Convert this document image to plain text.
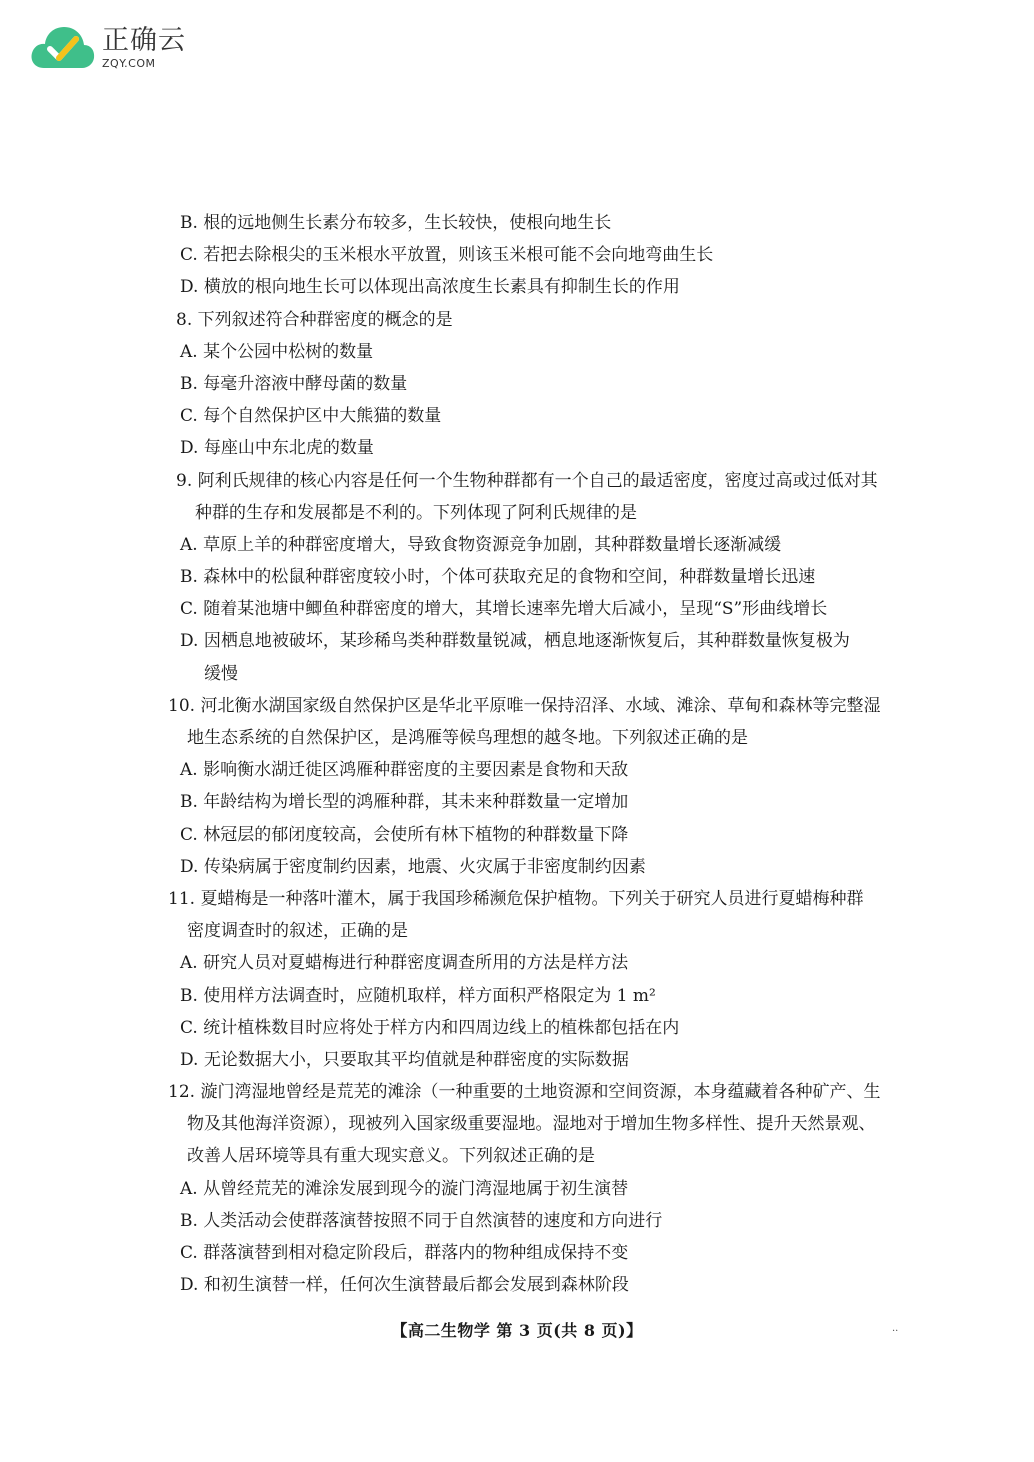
正确云
ZQY.COM
B. 根的远地侧生长素分布较多，生长较快，使根向地生长
C. 若把去除根尖的玉米根水平放置，则该玉米根可能不会向地弯曲生长
D. 横放的根向地生长可以体现出高浓度生长素具有抑制生长的作用
8. 下列叙述符合种群密度的概念的是
A. 某个公园中松树的数量
B. 每毫升溶液中酵母菌的数量
C. 每个自然保护区中大熊猫的数量
D. 每座山中东北虎的数量
9. 阿利氏规律的核心内容是任何一个生物种群都有一个自己的最适密度，密度过高或过低对其
种群的生存和发展都是不利的。下列体现了阿利氏规律的是
A. 草原上羊的种群密度增大，导致食物资源竞争加剧，其种群数量增长逐渐减缓
B. 森林中的松鼠种群密度较小时，个体可获取充足的食物和空间，种群数量增长迅速
C. 随着某池塘中鲫鱼种群密度的增大，其增长速率先增大后减小，呈现“S”形曲线增长
D. 因栖息地被破坏，某珍稀鸟类种群数量锐减，栖息地逐渐恢复后，其种群数量恢复极为
缓慢
10. 河北衡水湖国家级自然保护区是华北平原唯一保持沼泽、水域、滩涂、草甸和森林等完整湿
地生态系统的自然保护区，是鸿雁等候鸟理想的越冬地。下列叙述正确的是
A. 影响衡水湖迁徙区鸿雁种群密度的主要因素是食物和天敌
B. 年龄结构为增长型的鸿雁种群，其未来种群数量一定增加
C. 林冠层的郁闭度较高，会使所有林下植物的种群数量下降
D. 传染病属于密度制约因素，地震、火灾属于非密度制约因素
11. 夏蜡梅是一种落叶灌木，属于我国珍稀濒危保护植物。下列关于研究人员进行夏蜡梅种群
密度调查时的叙述，正确的是
A. 研究人员对夏蜡梅进行种群密度调查所用的方法是样方法
B. 使用样方法调查时，应随机取样，样方面积严格限定为 1 m²
C. 统计植株数目时应将处于样方内和四周边线上的植株都包括在内
D. 无论数据大小，只要取其平均值就是种群密度的实际数据
12. 漩门湾湿地曾经是荒芜的滩涂（一种重要的土地资源和空间资源，本身蕴藏着各种矿产、生
物及其他海洋资源），现被列入国家级重要湿地。湿地对于增加生物多样性、提升天然景观、
改善人居环境等具有重大现实意义。下列叙述正确的是
A. 从曾经荒芜的滩涂发展到现今的漩门湾湿地属于初生演替
B. 人类活动会使群落演替按照不同于自然演替的速度和方向进行
C. 群落演替到相对稳定阶段后，群落内的物种组成保持不变
D. 和初生演替一样，任何次生演替最后都会发展到森林阶段
【高二生物学 第 3 页(共 8 页)】	··
